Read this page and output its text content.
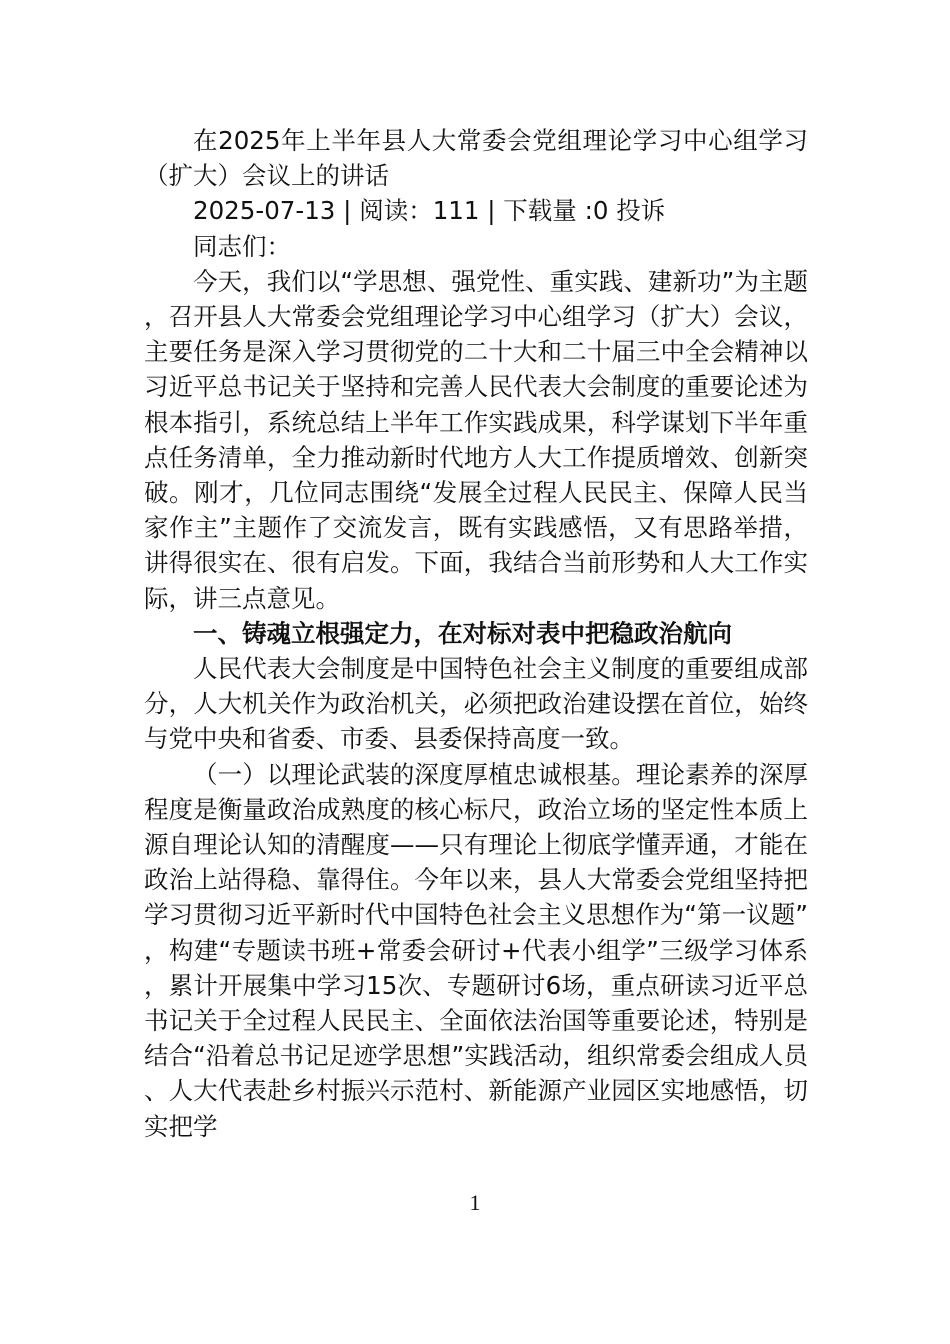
在2025年上半年县人大常委会党组理论学习中心组学习（扩大）会议上的讲话

2025-07-13 | 阅读：111 | 下载量 :0 投诉

同志们：

今天，我们以“学思想、强党性、重实践、建新功”为主题，召开县人大常委会党组理论学习中心组学习（扩大）会议，主要任务是深入学习贯彻党的二十大和二十届三中全会精神以习近平总书记关于坚持和完善人民代表大会制度的重要论述为根本指引，系统总结上半年工作实践成果，科学谋划下半年重点任务清单，全力推动新时代地方人大工作提质增效、创新突破。刚才，几位同志围绕“发展全过程人民民主、保障人民当家作主”主题作了交流发言，既有实践感悟，又有思路举措，讲得很实在、很有启发。下面，我结合当前形势和人大工作实际，讲三点意见。

一、铸魂立根强定力，在对标对表中把稳政治航向

人民代表大会制度是中国特色社会主义制度的重要组成部分，人大机关作为政治机关，必须把政治建设摆在首位，始终与党中央和省委、市委、县委保持高度一致。

（一）以理论武装的深度厚植忠诚根基。理论素养的深厚程度是衡量政治成熟度的核心标尺，政治立场的坚定性本质上源自理论认知的清醒度——只有理论上彻底学懂弄通，才能在政治上站得稳、靠得住。今年以来，县人大常委会党组坚持把学习贯彻习近平新时代中国特色社会主义思想作为“第一议题”，构建“专题读书班+常委会研讨+代表小组学”三级学习体系，累计开展集中学习15次、专题研讨6场，重点研读习近平总书记关于全过程人民民主、全面依法治国等重要论述，特别是结合“沿着总书记足迹学思想”实践活动，组织常委会组成人员、人大代表赴乡村振兴示范村、新能源产业园区实地感悟，切实把学

1
